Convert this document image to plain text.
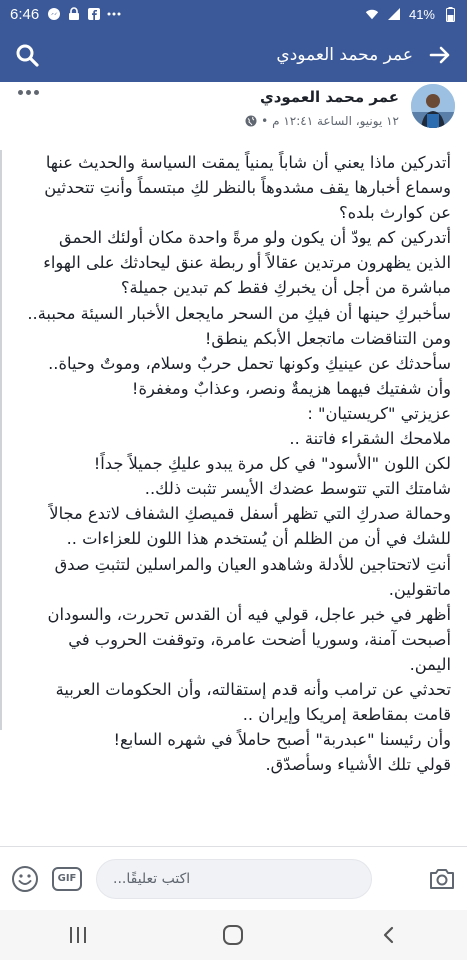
6:46	41%
عمر محمد العمودي
عمر محمد العمودي
١٢ يونيو، الساعة ١٢:٤١ م •
أتدركين ماذا يعني أن شاباً يمنياً يمقت السياسة والحديث عنها
وسماع أخبارها يقف مشدوهاً بالنظر لكِ مبتسماً وأنتِ تتحدثين
عن كوارث بلده؟
أتدركين كم يودّ أن يكون ولو مرةً واحدة مكان أولئك الحمق
الذين يظهرون مرتدين عقالاً أو ربطة عنق ليحادثك على الهواء
مباشرة من أجل أن يخبركِ فقط كم تبدين جميلة؟
سأخبركِ حينها أن فيكِ من السحر مايجعل الأخبار السيئة محببة..
ومن التناقضات ماتجعل الأبكم ينطق!
سأحدثك عن عينيكِ وكونها تحمل حربٌ وسلام، وموتٌ وحياة..
وأن شفتيك فيهما هزيمةٌ ونصر، وعذابٌ ومغفرة!
عزيزتي "كريستيان" :
ملامحك الشقراء فاتنة ..
لكن اللون "الأسود" في كل مرة يبدو عليكِ جميلاً جداً!
شامتك التي تتوسط عضدك الأيسر تثبت ذلك..
وحمالة صدركِ التي تظهر أسفل قميصكِ الشفاف لاتدع مجالاً
للشك في أن من الظلم أن يُستخدم هذا اللون للعزاءات ..
أنتِ لاتحتاجين للأدلة وشاهدو العيان والمراسلين لتثبتِ صدق
ماتقولين.
أظهر في خبر عاجل، قولي فيه أن القدس تحررت، والسودان
أصبحت آمنة، وسوريا أضحت عامرة، وتوقفت الحروب في
اليمن.
تحدثي عن ترامب وأنه قدم إستقالته، وأن الحكومات العربية
قامت بمقاطعة إمريكا وإيران ..
وأن رئيسنا "عبدربة" أصبح حاملاً في شهره السابع!
قولي تلك الأشياء وسأصدّق.
GIF	اكتب تعليقًا...
